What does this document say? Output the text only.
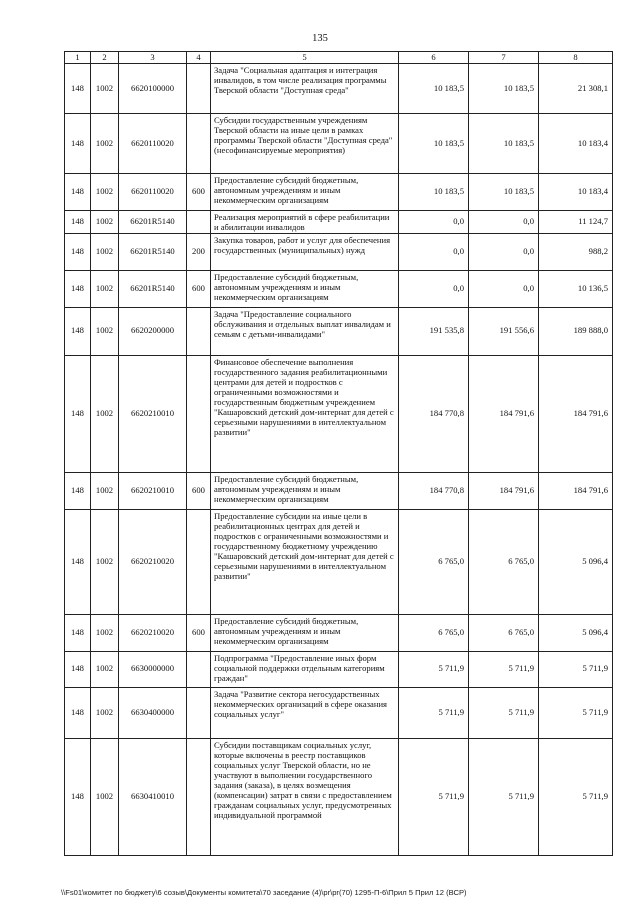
135
1	2	3	4	5	6	7	8
148	1002	6620100000		Задача "Социальная адаптация и интеграция инвалидов, в том числе реализация программы Тверской области "Доступная среда"	10 183,5	10 183,5	21 308,1
148	1002	6620110020		Субсидии государственным учреждениям Тверской области на иные цели в рамках программы Тверской области "Доступная среда" (несофинансируемые мероприятия)	10 183,5	10 183,5	10 183,4
148	1002	6620110020	600	Предоставление субсидий бюджетным, автономным учреждениям и иным некоммерческим организациям	10 183,5	10 183,5	10 183,4
148	1002	66201R5140		Реализация мероприятий в сфере реабилитации и абилитации инвалидов	0,0	0,0	11 124,7
148	1002	66201R5140	200	Закупка товаров, работ и услуг для обеспечения государственных (муниципальных) нужд	0,0	0,0	988,2
148	1002	66201R5140	600	Предоставление субсидий бюджетным, автономным учреждениям и иным некоммерческим организациям	0,0	0,0	10 136,5
148	1002	6620200000		Задача "Предоставление социального обслуживания и отдельных выплат инвалидам и семьям с детьми-инвалидами"	191 535,8	191 556,6	189 888,0
148	1002	6620210010		Финансовое обеспечение выполнения государственного задания реабилитационными центрами для детей и подростков с ограниченными возможностями и государственным бюджетным учреждением "Кашаровский детский дом-интернат для детей с серьезными нарушениями в интеллектуальном развитии"	184 770,8	184 791,6	184 791,6
148	1002	6620210010	600	Предоставление субсидий бюджетным, автономным учреждениям и иным некоммерческим организациям	184 770,8	184 791,6	184 791,6
148	1002	6620210020		Предоставление субсидии на иные цели в реабилитационных центрах для детей и подростков с ограниченными возможностями и государственному бюджетному учреждению "Кашаровский детский дом-интернат для детей с серьезными нарушениями в интеллектуальном развитии"	6 765,0	6 765,0	5 096,4
148	1002	6620210020	600	Предоставление субсидий бюджетным, автономным учреждениям и иным некоммерческим организациям	6 765,0	6 765,0	5 096,4
148	1002	6630000000		Подпрограмма "Предоставление иных форм социальной поддержки отдельным категориям граждан"	5 711,9	5 711,9	5 711,9
148	1002	6630400000		Задача "Развитие сектора негосударственных некоммерческих организаций в сфере оказания социальных услуг"	5 711,9	5 711,9	5 711,9
148	1002	6630410010		Субсидии поставщикам социальных услуг, которые включены в реестр поставщиков социальных услуг Тверской области, но не участвуют в выполнении государственного задания (заказа), в целях возмещения (компенсации) затрат в связи с предоставлением гражданам социальных услуг, предусмотренных индивидуальной программой	5 711,9	5 711,9	5 711,9
\\Fs01\комитет по бюджету\6 созыв\Документы комитета\70 заседание (4)\pr\pr(70) 1295-П-6\Прил 5 Прил 12 (ВСР)
